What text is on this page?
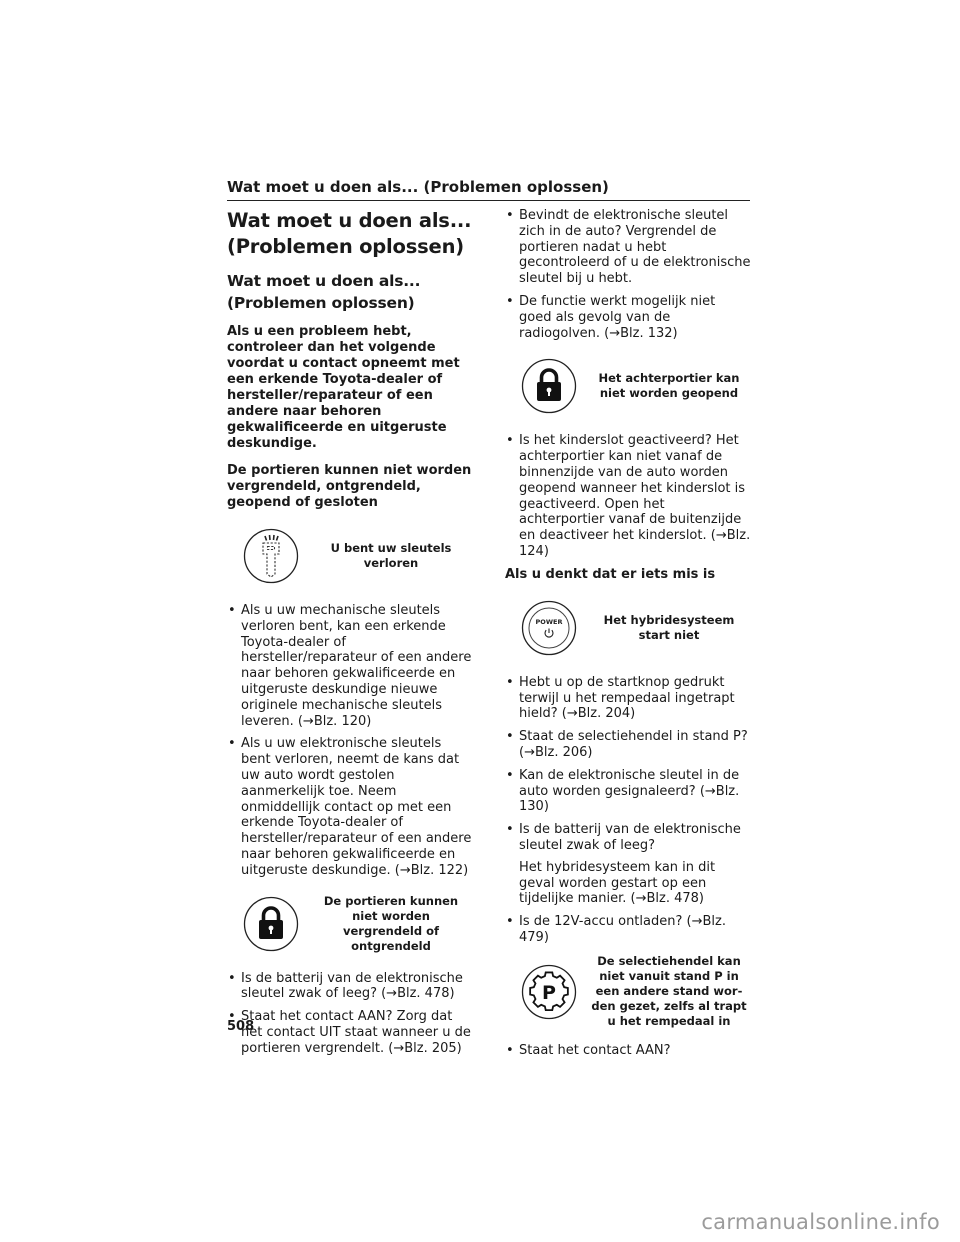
Wat moet u doen als... (Problemen oplossen)
Wat moet u doen als... (Problemen oplossen)
Wat moet u doen als... (Problemen oplossen)
Als u een probleem hebt, controleer dan het volgende voordat u contact opneemt met een erkende Toyota-dealer of hersteller/reparateur of een andere naar behoren gekwalificeerde en uitgeruste deskundige.
De portieren kunnen niet worden vergrendeld, ontgrendeld, geopend of gesloten
U bent uw sleutels verloren
• Als u uw mechanische sleutels verloren bent, kan een erkende Toyota-dealer of hersteller/reparateur of een andere naar behoren gekwalificeerde en uitgeruste deskundige nieuwe originele mechanische sleutels leveren. (→Blz. 120)
• Als u uw elektronische sleutels bent verloren, neemt de kans dat uw auto wordt gestolen aanmerkelijk toe. Neem onmiddellijk contact op met een erkende Toyota-dealer of hersteller/reparateur of een andere naar behoren gekwalificeerde en uitgeruste deskundige. (→Blz. 122)
De portieren kunnen niet worden vergrendeld of ontgrendeld
• Is de batterij van de elektronische sleutel zwak of leeg? (→Blz. 478)
• Staat het contact AAN? Zorg dat het contact UIT staat wanneer u de portieren vergrendelt. (→Blz. 205)
• Bevindt de elektronische sleutel zich in de auto? Vergrendel de portieren nadat u hebt gecontroleerd of u de elektronische sleutel bij u hebt.
• De functie werkt mogelijk niet goed als gevolg van de radiogolven. (→Blz. 132)
Het achterportier kan niet worden geopend
• Is het kinderslot geactiveerd? Het achterportier kan niet vanaf de binnenzijde van de auto worden geopend wanneer het kinderslot is geactiveerd. Open het achterportier vanaf de buitenzijde en deactiveer het kinderslot. (→Blz. 124)
Als u denkt dat er iets mis is
POWER	Het hybridesysteem start niet
• Hebt u op de startknop gedrukt terwijl u het rempedaal ingetrapt hield? (→Blz. 204)
• Staat de selectiehendel in stand P? (→Blz. 206)
• Kan de elektronische sleutel in de auto worden gesignaleerd? (→Blz. 130)
• Is de batterij van de elektronische sleutel zwak of leeg?

Het hybridesysteem kan in dit geval worden gestart op een tijdelijke manier. (→Blz. 478)

• Is de 12V-accu ontladen? (→Blz. 479)
P
De selectiehendel kan niet vanuit stand P in een andere stand wor- den gezet, zelfs al trapt u het rempedaal in
• Staat het contact AAN?
508
carmanualsonline.info
